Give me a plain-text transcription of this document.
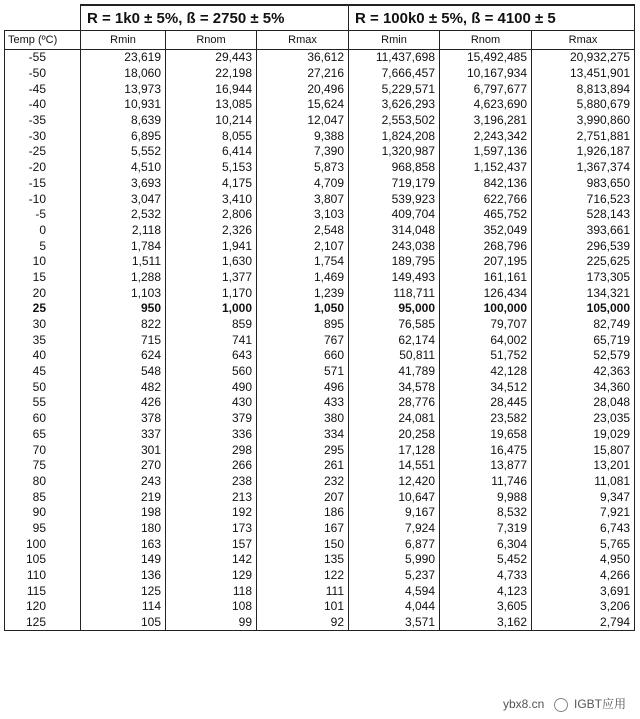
	R = 1k0 ± 5%, ß = 2750 ± 5%			R = 100k0 ± 5%, ß = 4100 ± 5		
Temp (ºC)	Rmin	Rnom	Rmax	Rmin	Rnom	Rmax
-55	23,619	29,443	36,612	11,437,698	15,492,485	20,932,275
-50	18,060	22,198	27,216	7,666,457	10,167,934	13,451,901
-45	13,973	16,944	20,496	5,229,571	6,797,677	8,813,894
-40	10,931	13,085	15,624	3,626,293	4,623,690	5,880,679
-35	8,639	10,214	12,047	2,553,502	3,196,281	3,990,860
-30	6,895	8,055	9,388	1,824,208	2,243,342	2,751,881
-25	5,552	6,414	7,390	1,320,987	1,597,136	1,926,187
-20	4,510	5,153	5,873	968,858	1,152,437	1,367,374
-15	3,693	4,175	4,709	719,179	842,136	983,650
-10	3,047	3,410	3,807	539,923	622,766	716,523
-5	2,532	2,806	3,103	409,704	465,752	528,143
0	2,118	2,326	2,548	314,048	352,049	393,661
5	1,784	1,941	2,107	243,038	268,796	296,539
10	1,511	1,630	1,754	189,795	207,195	225,625
15	1,288	1,377	1,469	149,493	161,161	173,305
20	1,103	1,170	1,239	118,711	126,434	134,321
25	950	1,000	1,050	95,000	100,000	105,000
30	822	859	895	76,585	79,707	82,749
35	715	741	767	62,174	64,002	65,719
40	624	643	660	50,811	51,752	52,579
45	548	560	571	41,789	42,128	42,363
50	482	490	496	34,578	34,512	34,360
55	426	430	433	28,776	28,445	28,048
60	378	379	380	24,081	23,582	23,035
65	337	336	334	20,258	19,658	19,029
70	301	298	295	17,128	16,475	15,807
75	270	266	261	14,551	13,877	13,201
80	243	238	232	12,420	11,746	11,081
85	219	213	207	10,647	9,988	9,347
90	198	192	186	9,167	8,532	7,921
95	180	173	167	7,924	7,319	6,743
100	163	157	150	6,877	6,304	5,765
105	149	142	135	5,990	5,452	4,950
110	136	129	122	5,237	4,733	4,266
115	125	118	111	4,594	4,123	3,691
120	114	108	101	4,044	3,605	3,206
125	105	99	92	3,571	3,162	2,794
ybx8.cn IGBT应用
